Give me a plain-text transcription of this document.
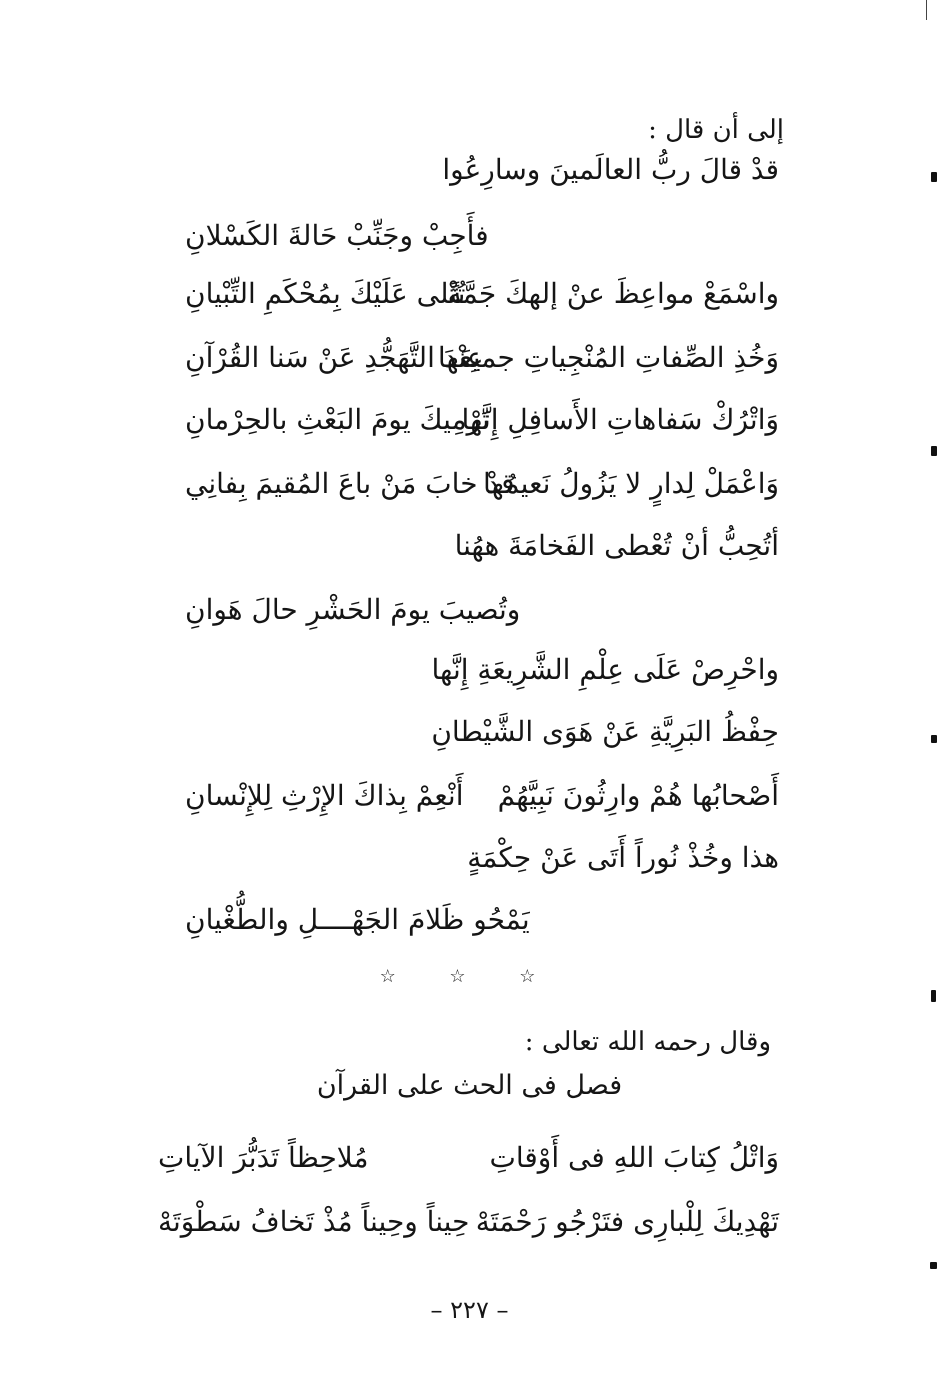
إلى أن قال :
قدْ قالَ ربُّ العالَمينَ وسارِعُوا
فأَجِبْ وجَنِّبْ حَالةَ الكَسْلانِ
واسْمَعْ مواعِظَ عنْ إلهكَ جَمَّةً
تُتْلى عَلَيْكَ بِمُحْكَمِ التِّبْيانِ
وَخُذِ الصِّفاتِ المُنْجِياتِ جميعَها
عِنْدَ التَّهَجُّدِ عَنْ سَنا القُرْآنِ
وَاتْرُكْ سَفاهاتِ الأَسافِلِ إِنَّها
تَرْمِيكَ يومَ البَعْثِ بالحِرْمانِ
وَاعْمَلْ لِدارٍ لا يَزُولُ نَعيمُها
قدْ خابَ مَنْ باعَ المُقيمَ بِفانِي
أتُحِبُّ أنْ تُعْطى الفَخامَةَ ههُنا
وتُصيبَ يومَ الحَشْرِ حالَ هَوانِ
واحْرِصْ عَلَى عِلْمِ الشَّرِيعَةِ إِنَّها
حِفْظُ البَرِيَّةِ عَنْ هَوَى الشَّيْطانِ
أَصْحابُها هُمْ وارِثُونَ نَبِيَّهُمْ
أَنْعِمْ بِذاكَ الإِرْثِ لِلإِنْسانِ
هذا وخُذْ نُوراً أَتَى عَنْ حِكْمَةٍ
يَمْحُو ظَلامَ الجَهْــــلِ والطُّغْيانِ
☆ ☆ ☆
وقال رحمه الله تعالى :
فصل فى الحث على القرآن
وَاتْلُ كِتابَ اللهِ فى أَوْقاتِ
مُلاحِظاً تَدَبُّرَ الآياتِ
تَهْدِيكَ لِلْبارِى فتَرْجُو رَحْمَتَهْ
حِيناً وحِيناً مُذْ تَخافُ سَطْوَتَهْ
– ٢٢٧ –
